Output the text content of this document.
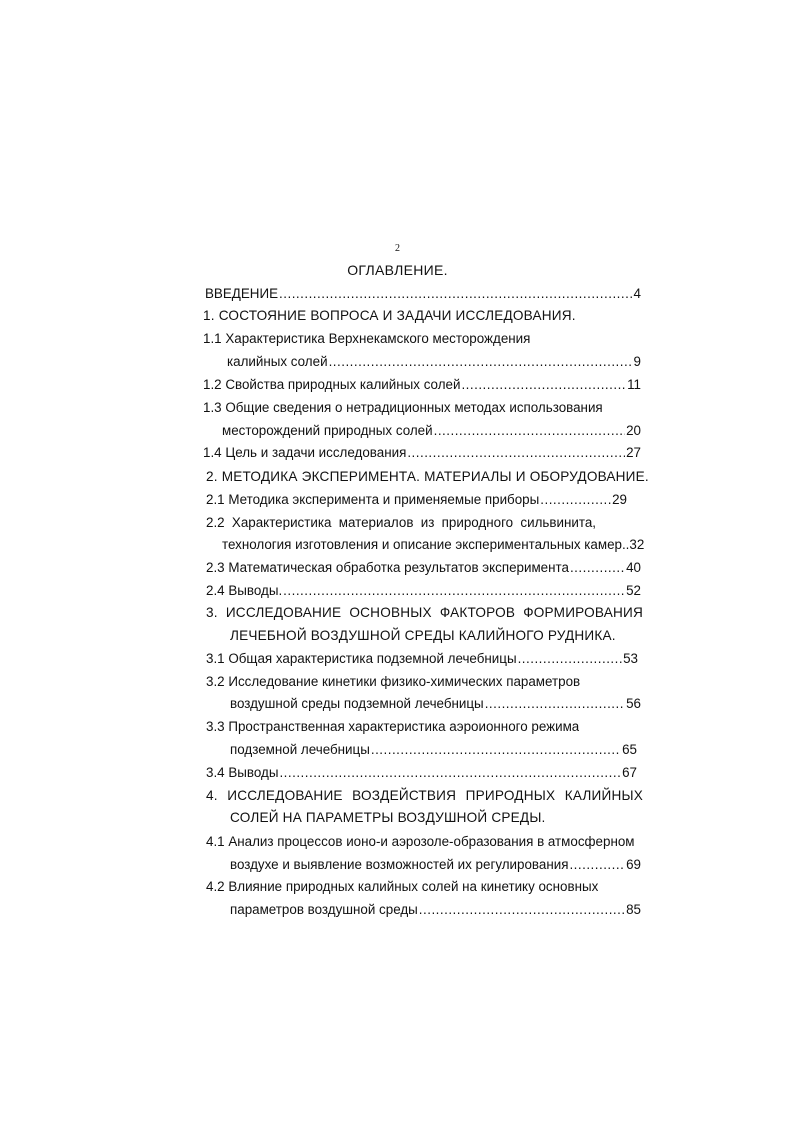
2
ОГЛАВЛЕНИЕ.
ВВЕДЕНИЕ .....	4
1. СОСТОЯНИЕ ВОПРОСА И ЗАДАЧИ ИССЛЕДОВАНИЯ.
1.1 Характеристика Верхнекамского месторождения
калийных солей .....	9
1.2 Свойства природных калийных солей .....	11
1.3 Общие сведения о нетрадиционных методах использования
месторождений природных солей .....	20
1.4 Цель и задачи исследования .....	27
2. МЕТОДИКА ЭКСПЕРИМЕНТА. МАТЕРИАЛЫ И ОБОРУДОВАНИЕ.
2.1 Методика эксперимента и применяемые приборы .....	29
2.2 Характеристика материалов из природного сильвинита,
технология изготовления и описание экспериментальных камер..32
2.3 Математическая обработка результатов эксперимента .....	40
2.4 Выводы. .....	52
3. ИССЛЕДОВАНИЕ ОСНОВНЫХ ФАКТОРОВ ФОРМИРОВАНИЯ
ЛЕЧЕБНОЙ ВОЗДУШНОЙ СРЕДЫ КАЛИЙНОГО РУДНИКА.
3.1 Общая характеристика подземной лечебницы .....	53
3.2 Исследование кинетики физико-химических параметров
воздушной среды подземной лечебницы .....	56
3.3 Пространственная характеристика аэроионного режима
подземной лечебницы .....	65
3.4 Выводы .....	67
4. ИССЛЕДОВАНИЕ ВОЗДЕЙСТВИЯ ПРИРОДНЫХ КАЛИЙНЫХ
СОЛЕЙ НА ПАРАМЕТРЫ ВОЗДУШНОЙ СРЕДЫ.
4.1 Анализ процессов ионо-и аэрозоле-образования в атмосферном
воздухе и выявление возможностей их регулирования .....	69
4.2 Влияние природных калийных солей на кинетику основных
параметров воздушной среды .....	85
